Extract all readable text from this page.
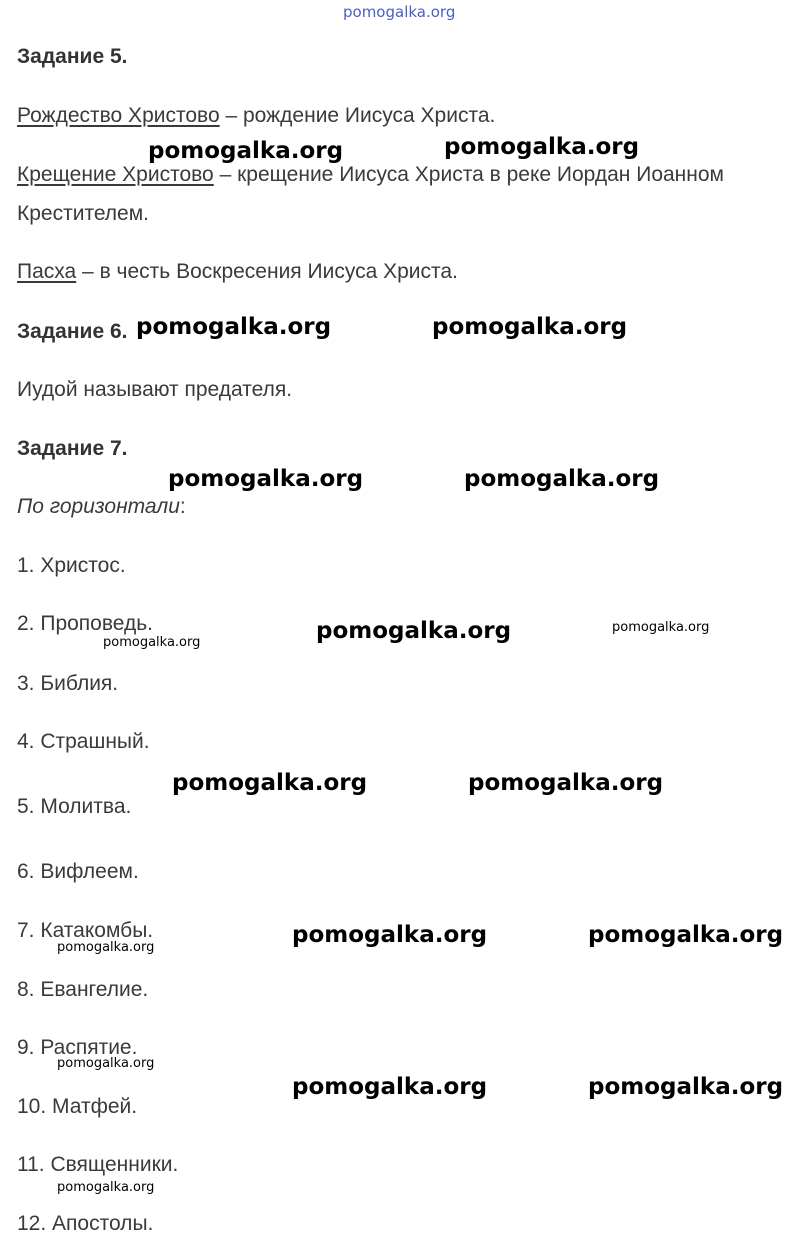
pomogalka.org
Задание 5.
Рождество Христово – рождение Иисуса Христа.
Крещение Христово – крещение Иисуса Христа в реке Иордан Иоанном
Крестителем.
Пасха – в честь Воскресения Иисуса Христа.
Задание 6.
Иудой называют предателя.
Задание 7.
По горизонтали:
1. Христос.
2. Проповедь.
3. Библия.
4. Страшный.
5. Молитва.
6. Вифлеем.
7. Катакомбы.
8. Евангелие.
9. Распятие.
10. Матфей.
11. Священники.
12. Апостолы.
pomogalka.org	pomogalka.org
pomogalka.org	pomogalka.org
pomogalka.org	pomogalka.org
pomogalka.org	pomogalka.org	pomogalka.org
pomogalka.org	pomogalka.org
pomogalka.org	pomogalka.org	pomogalka.org
pomogalka.org
pomogalka.org	pomogalka.org
pomogalka.org
